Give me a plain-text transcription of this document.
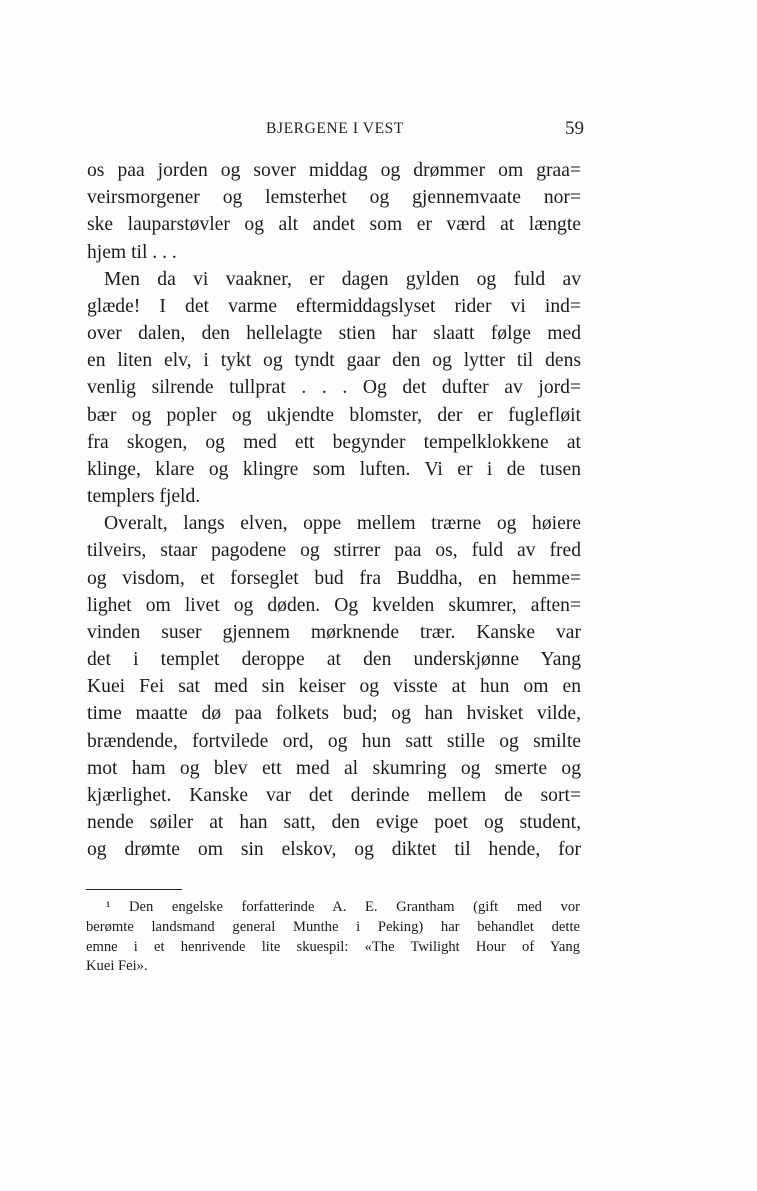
BJERGENE I VEST	59
os paa jorden og sover middag og drømmer om graa=
veirsmorgener og lemsterhet og gjennemvaate nor=
ske lauparstøvler og alt andet som er værd at længte
hjem til . . .
Men da vi vaakner, er dagen gylden og fuld av
glæde! I det varme eftermiddagslyset rider vi ind=
over dalen, den hellelagte stien har slaatt følge med
en liten elv, i tykt og tyndt gaar den og lytter til dens
venlig silrende tullprat . . . Og det dufter av jord=
bær og popler og ukjendte blomster, der er fuglefløit
fra skogen, og med ett begynder tempelklokkene at
klinge, klare og klingre som luften. Vi er i de tusen
templers fjeld.
Overalt, langs elven, oppe mellem trærne og høiere
tilveirs, staar pagodene og stirrer paa os, fuld av fred
og visdom, et forseglet bud fra Buddha, en hemme=
lighet om livet og døden. Og kvelden skumrer, aften=
vinden suser gjennem mørknende trær. Kanske var
det i templet deroppe at den underskjønne Yang
Kuei Fei sat med sin keiser og visste at hun om en
time maatte dø paa folkets bud; og han hvisket vilde,
brændende, fortvilede ord, og hun satt stille og smilte
mot ham og blev ett med al skumring og smerte og
kjærlighet. Kanske var det derinde mellem de sort=
nende søiler at han satt, den evige poet og student,
og drømte om sin elskov, og diktet til hende, for
¹ Den engelske forfatterinde A. E. Grantham (gift med vor
berømte landsmand general Munthe i Peking) har behandlet dette
emne i et henrivende lite skuespil: «The Twilight Hour of Yang
Kuei Fei».
